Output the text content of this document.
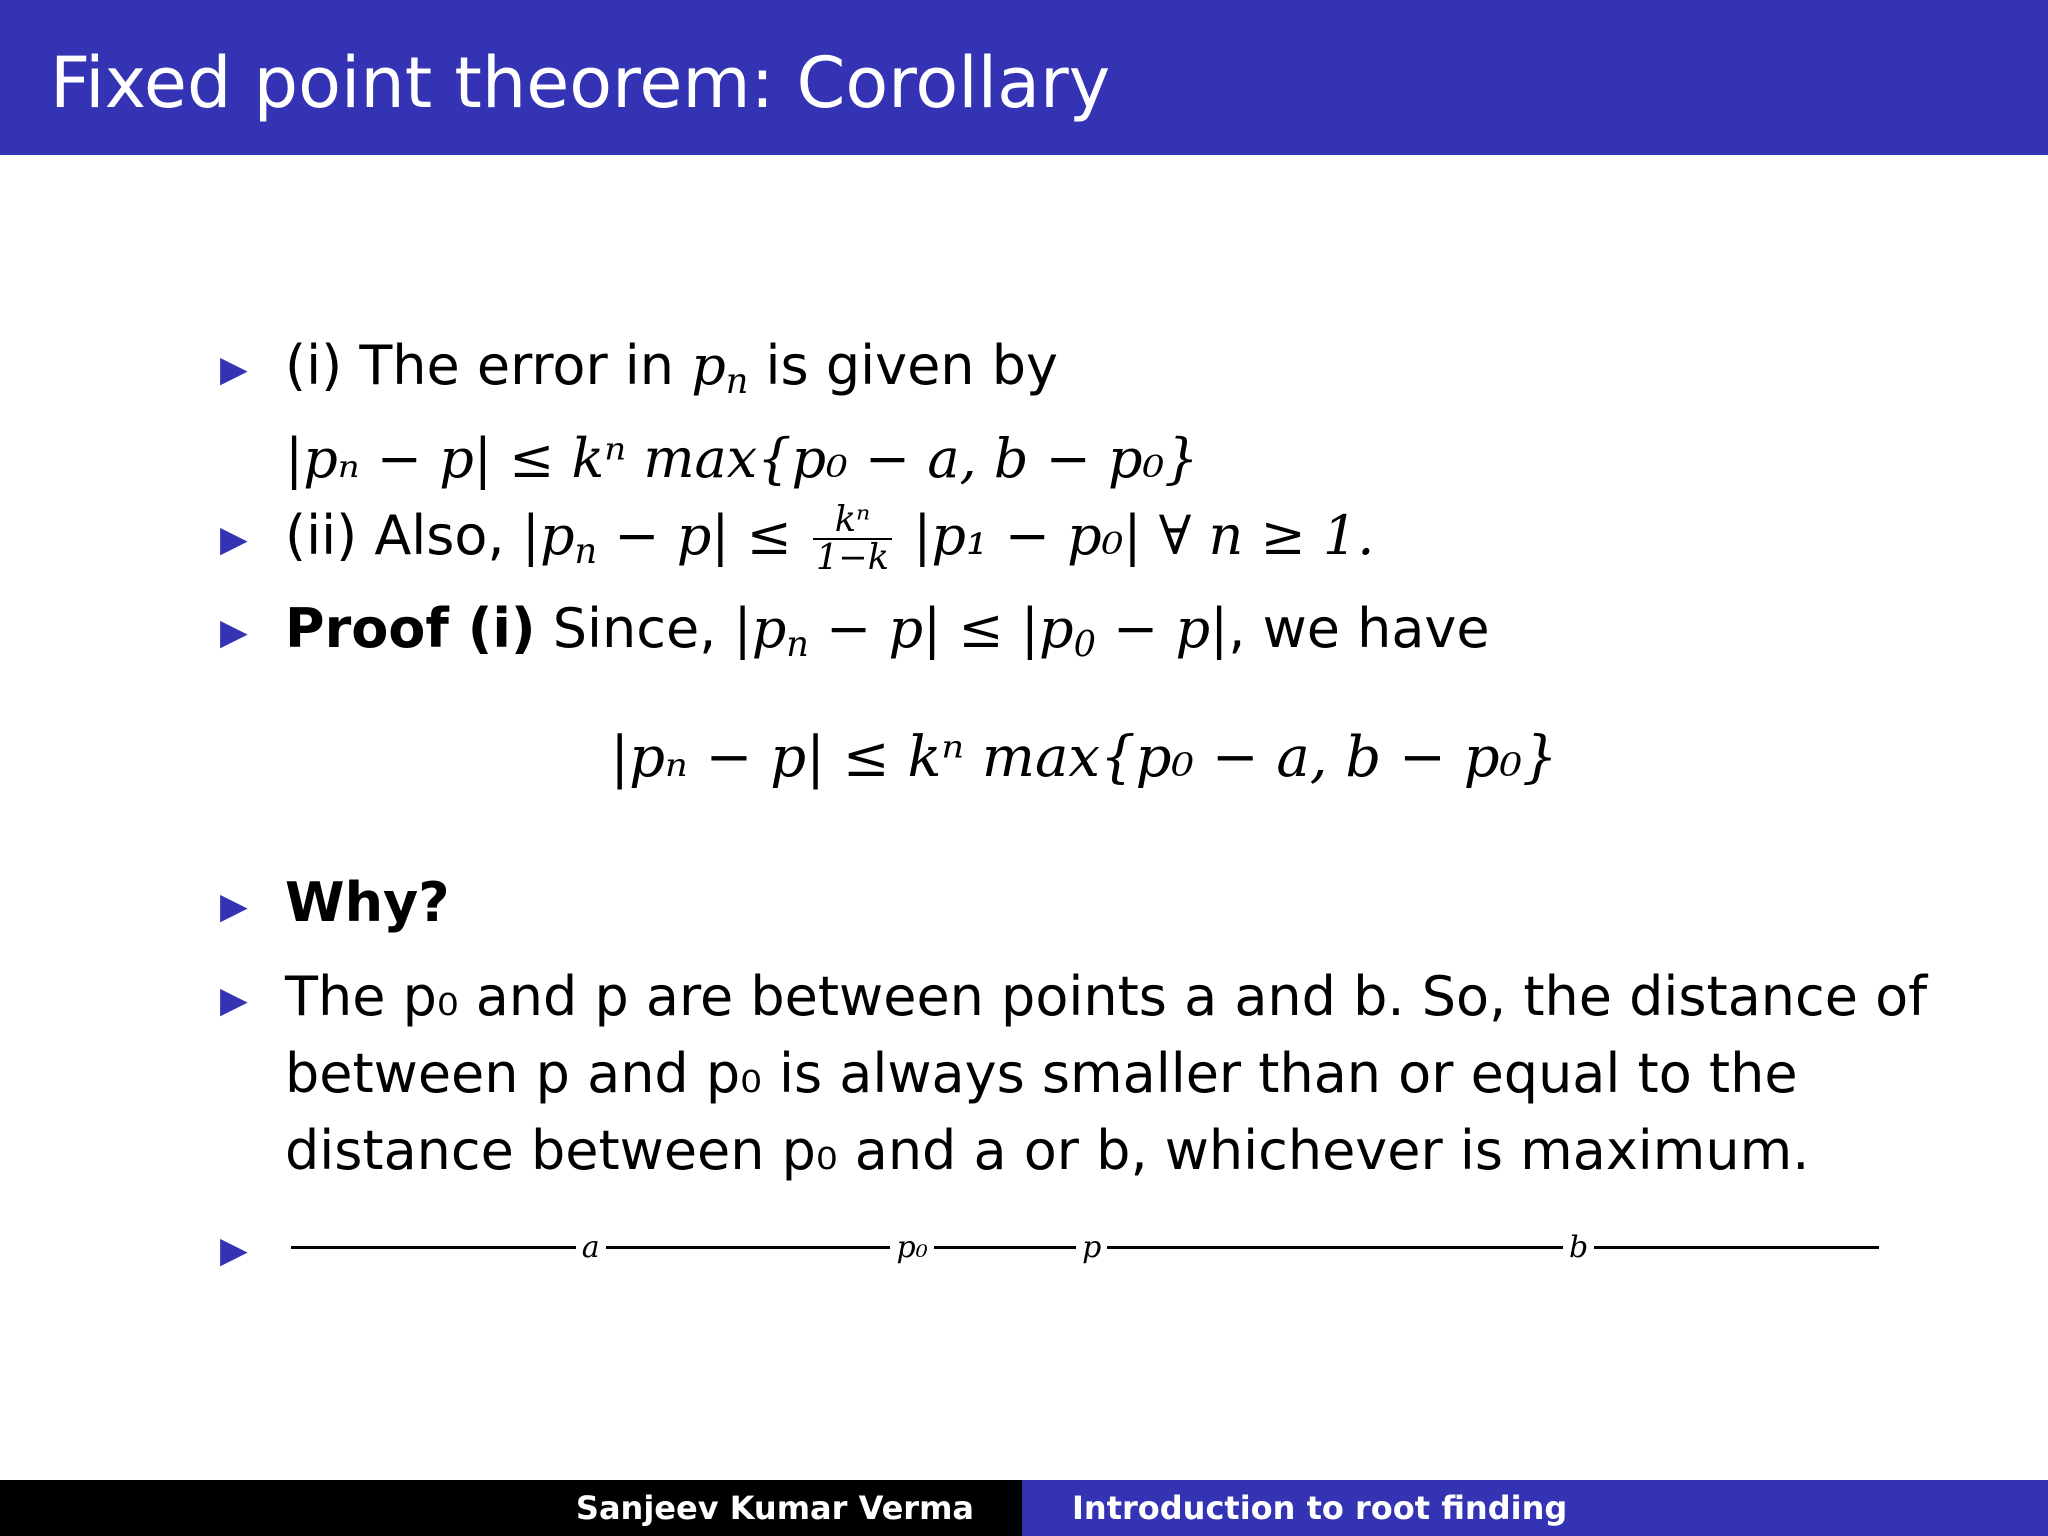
Fixed point theorem: Corollary
▶ (i) The error in $p_n$ is given by
|pₙ − p| ≤ kⁿ max{p₀ − a, b − p₀}
▶ (ii) Also, $|p_n - p| \le \frac{\text{kⁿ}}{1-k} |p_1 - p_0|$ ∀ n ≥ 1.
▶ Proof (i) Since, $|p_n - p| \le |p_0 - p|$, we have
|pₙ − p| ≤ kⁿ max{p₀ − a, b − p₀}
▶ Why?
▶ The p₀ and p are between points a and b. So, the distance of
between p and p₀ is always smaller than or equal to the
distance between p₀ and a or b, whichever is maximum.
▶	a	p₀	p	b
Sanjeev Kumar Verma	Introduction to root finding
